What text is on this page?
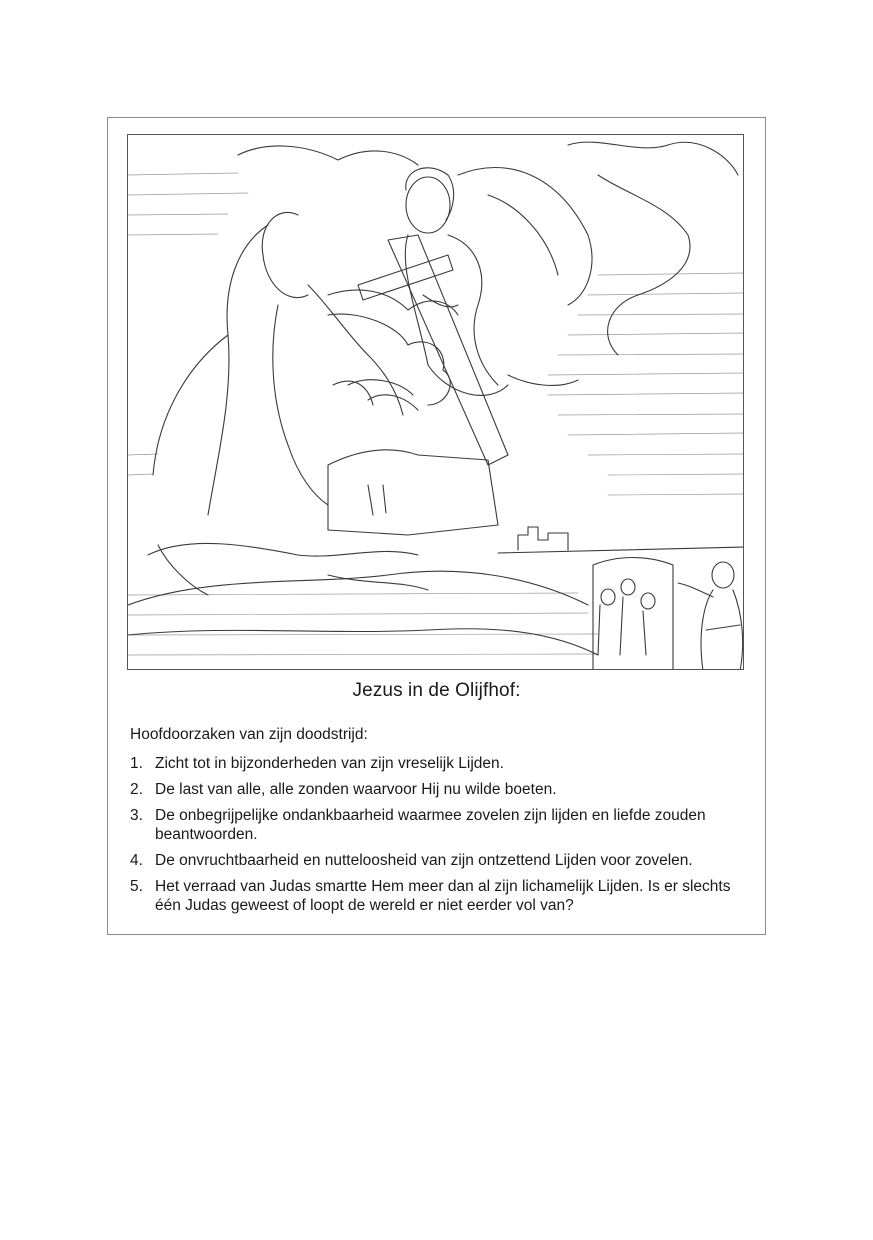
Jezus in de Olijfhof:
Hoofdoorzaken van zijn doodstrijd:
1. Zicht tot in bijzonderheden van zijn vreselijk Lijden.
2. De last van alle, alle zonden waarvoor Hij nu wilde boeten.
3. De onbegrijpelijke ondankbaarheid waarmee zovelen zijn lijden en liefde zouden beantwoorden.
4. De onvruchtbaarheid en nutteloosheid van zijn ontzettend Lijden voor zovelen.
5. Het verraad van Judas smartte Hem meer dan al zijn lichamelijk Lijden. Is er slechts één Judas geweest of loopt de wereld er niet eerder vol van?
